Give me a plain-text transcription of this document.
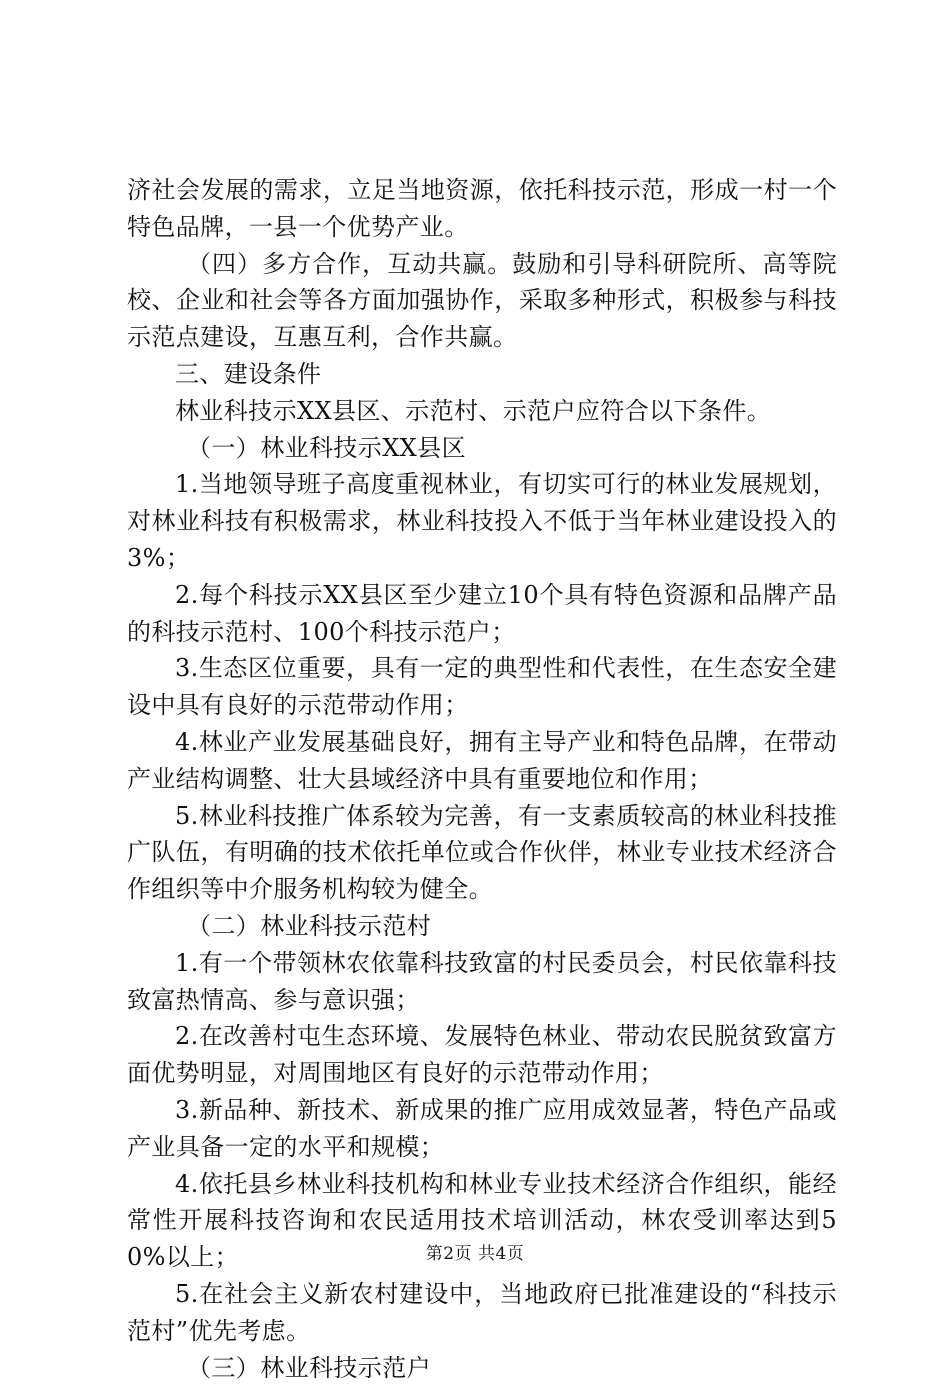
济社会发展的需求，立足当地资源，依托科技示范，形成一村一个特色品牌，一县一个优势产业。

（四）多方合作，互动共赢。鼓励和引导科研院所、高等院校、企业和社会等各方面加强协作，采取多种形式，积极参与科技示范点建设，互惠互利，合作共赢。

三、建设条件

林业科技示XX县区、示范村、示范户应符合以下条件。

（一）林业科技示XX县区

1.当地领导班子高度重视林业，有切实可行的林业发展规划，对林业科技有积极需求，林业科技投入不低于当年林业建设投入的3%；

2.每个科技示XX县区至少建立10个具有特色资源和品牌产品的科技示范村、100个科技示范户；

3.生态区位重要，具有一定的典型性和代表性，在生态安全建设中具有良好的示范带动作用；

4.林业产业发展基础良好，拥有主导产业和特色品牌，在带动产业结构调整、壮大县域经济中具有重要地位和作用；

5.林业科技推广体系较为完善，有一支素质较高的林业科技推广队伍，有明确的技术依托单位或合作伙伴，林业专业技术经济合作组织等中介服务机构较为健全。

（二）林业科技示范村

1.有一个带领林农依靠科技致富的村民委员会，村民依靠科技致富热情高、参与意识强；

2.在改善村屯生态环境、发展特色林业、带动农民脱贫致富方面优势明显，对周围地区有良好的示范带动作用；

3.新品种、新技术、新成果的推广应用成效显著，特色产品或产业具备一定的水平和规模；

4.依托县乡林业科技机构和林业专业技术经济合作组织，能经常性开展科技咨询和农民适用技术培训活动，林农受训率达到50%以上；

5.在社会主义新农村建设中，当地政府已批准建设的“科技示范村”优先考虑。

（三）林业科技示范户

第2页 共4页
